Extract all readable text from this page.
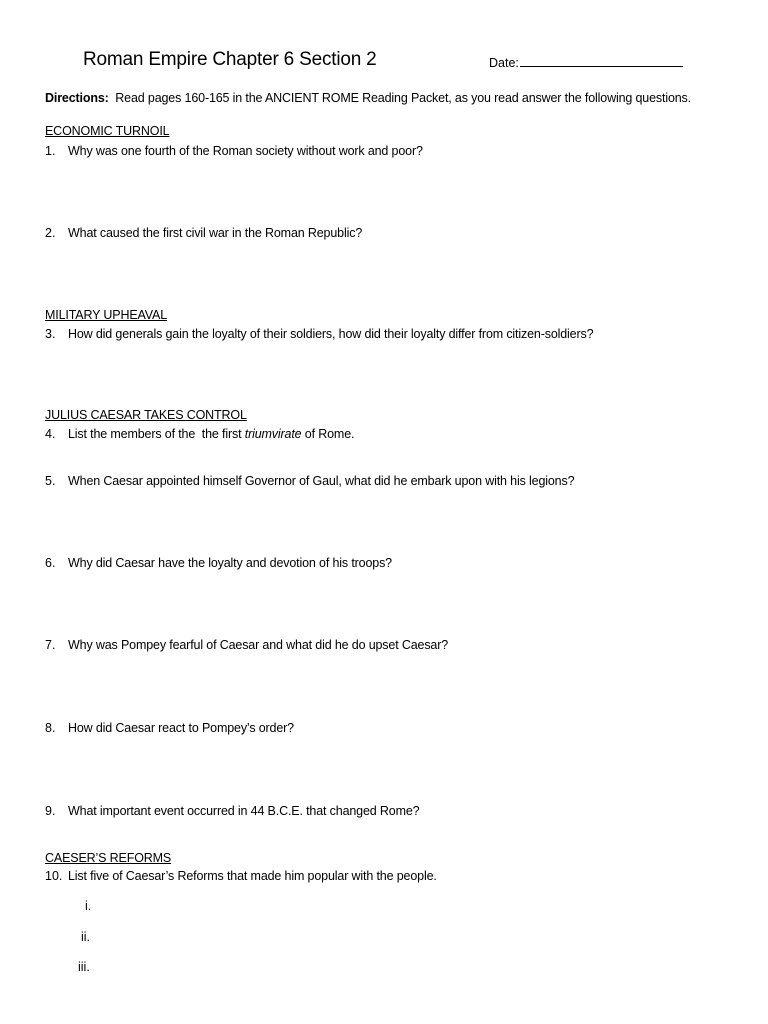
Roman Empire Chapter 6 Section 2	Date:
Directions: Read pages 160-165 in the ANCIENT ROME Reading Packet, as you read answer the following questions.
ECONOMIC TURNOIL
1. Why was one fourth of the Roman society without work and poor?
2. What caused the first civil war in the Roman Republic?
MILITARY UPHEAVAL
3. How did generals gain the loyalty of their soldiers, how did their loyalty differ from citizen-soldiers?
JULIUS CAESAR TAKES CONTROL
4. List the members of the  the first triumvirate of Rome.
5. When Caesar appointed himself Governor of Gaul, what did he embark upon with his legions?
6. Why did Caesar have the loyalty and devotion of his troops?
7. Why was Pompey fearful of Caesar and what did he do upset Caesar?
8. How did Caesar react to Pompey’s order?
9. What important event occurred in 44 B.C.E. that changed Rome?
CAESER’S REFORMS
10. List five of Caesar’s Reforms that made him popular with the people.
i.
ii.
iii.
